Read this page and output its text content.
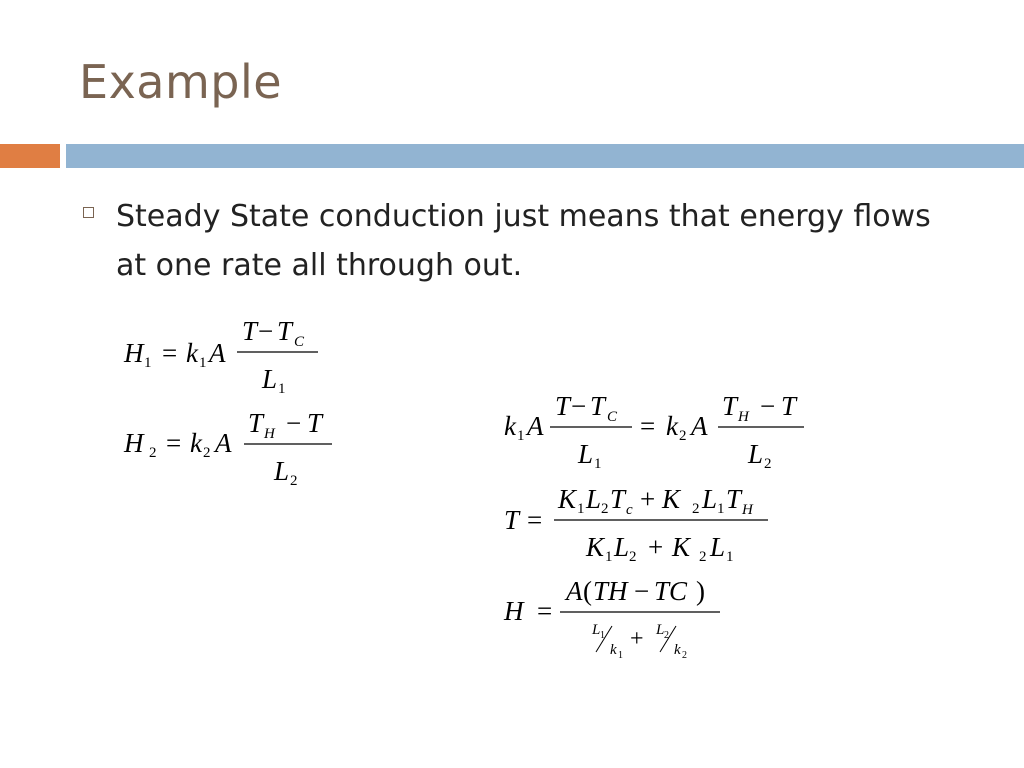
Example
Steady State conduction just means that energy flows at one rate all through out.
H 1 = k 1 A
T − T C
L 1
H 2 = k 2 A
T H − T
L 2
k 1 A
T − T C
L 1
= k 2 A
T H − T
L 2
T =
K 1 L 2 T c + K 2 L 1 T H
K 1 L 2 + K 2 L 1
H =
A ( TH − TC )
L 1
k 1
+ L 2
k 2
